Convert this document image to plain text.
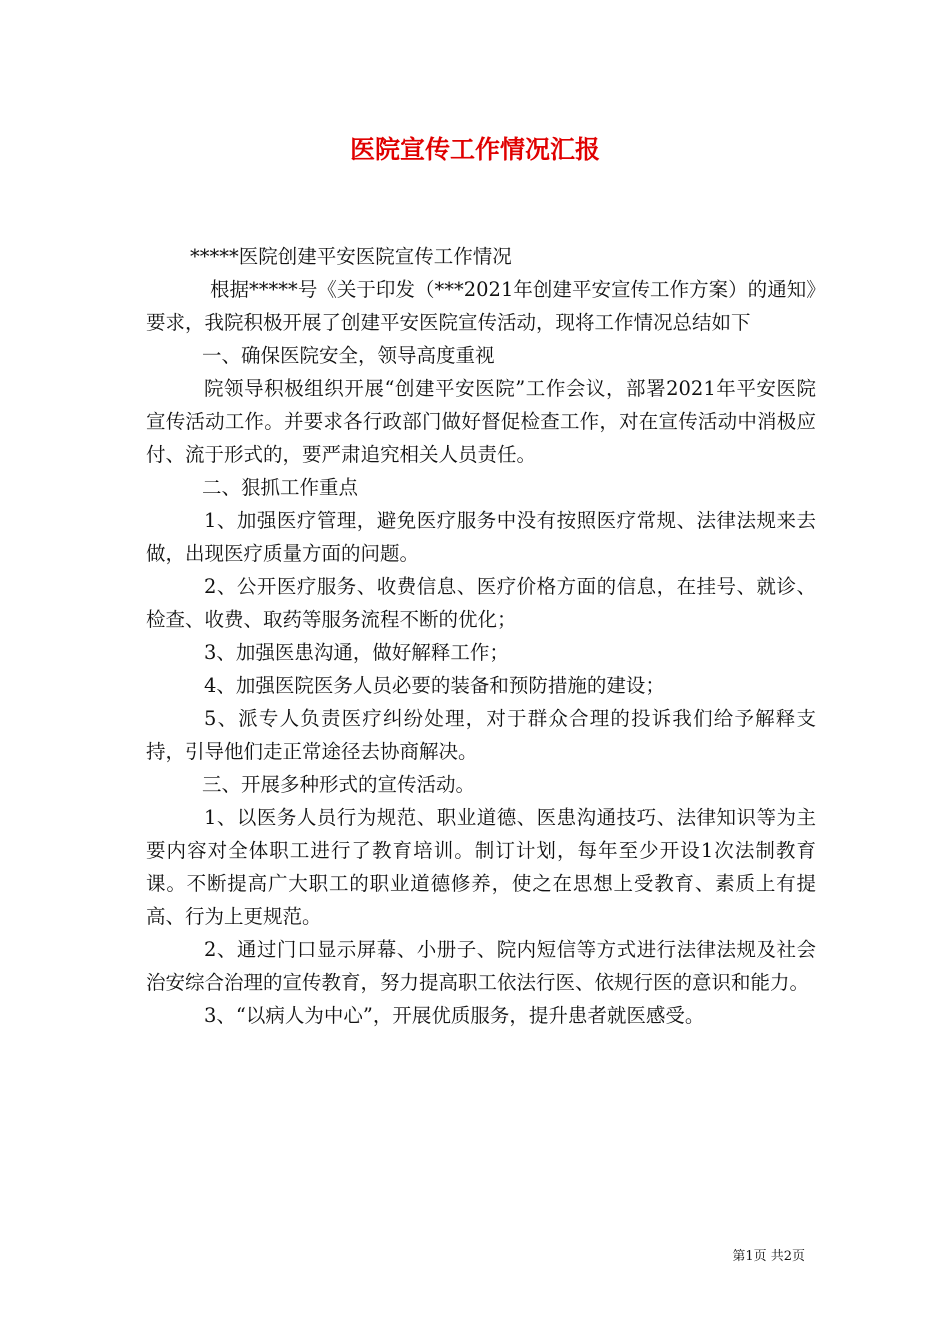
医院宣传工作情况汇报

*****医院创建平安医院宣传工作情况

根据*****号《关于印发（***2021年创建平安宣传工作方案）的通知》要求，我院积极开展了创建平安医院宣传活动，现将工作情况总结如下

一、确保医院安全，领导高度重视

院领导积极组织开展“创建平安医院”工作会议，部署2021年平安医院宣传活动工作。并要求各行政部门做好督促检查工作，对在宣传活动中消极应付、流于形式的，要严肃追究相关人员责任。

二、狠抓工作重点

1、加强医疗管理，避免医疗服务中没有按照医疗常规、法律法规来去做，出现医疗质量方面的问题。

2、公开医疗服务、收费信息、医疗价格方面的信息，在挂号、就诊、检查、收费、取药等服务流程不断的优化；

3、加强医患沟通，做好解释工作；

4、加强医院医务人员必要的装备和预防措施的建设；

5、派专人负责医疗纠纷处理，对于群众合理的投诉我们给予解释支持，引导他们走正常途径去协商解决。

三、开展多种形式的宣传活动。

1、以医务人员行为规范、职业道德、医患沟通技巧、法律知识等为主要内容对全体职工进行了教育培训。制订计划，每年至少开设1次法制教育课。不断提高广大职工的职业道德修养，使之在思想上受教育、素质上有提高、行为上更规范。

2、通过门口显示屏幕、小册子、院内短信等方式进行法律法规及社会治安综合治理的宣传教育，努力提高职工依法行医、依规行医的意识和能力。

3、“以病人为中心”，开展优质服务，提升患者就医感受。

第1页 共2页
